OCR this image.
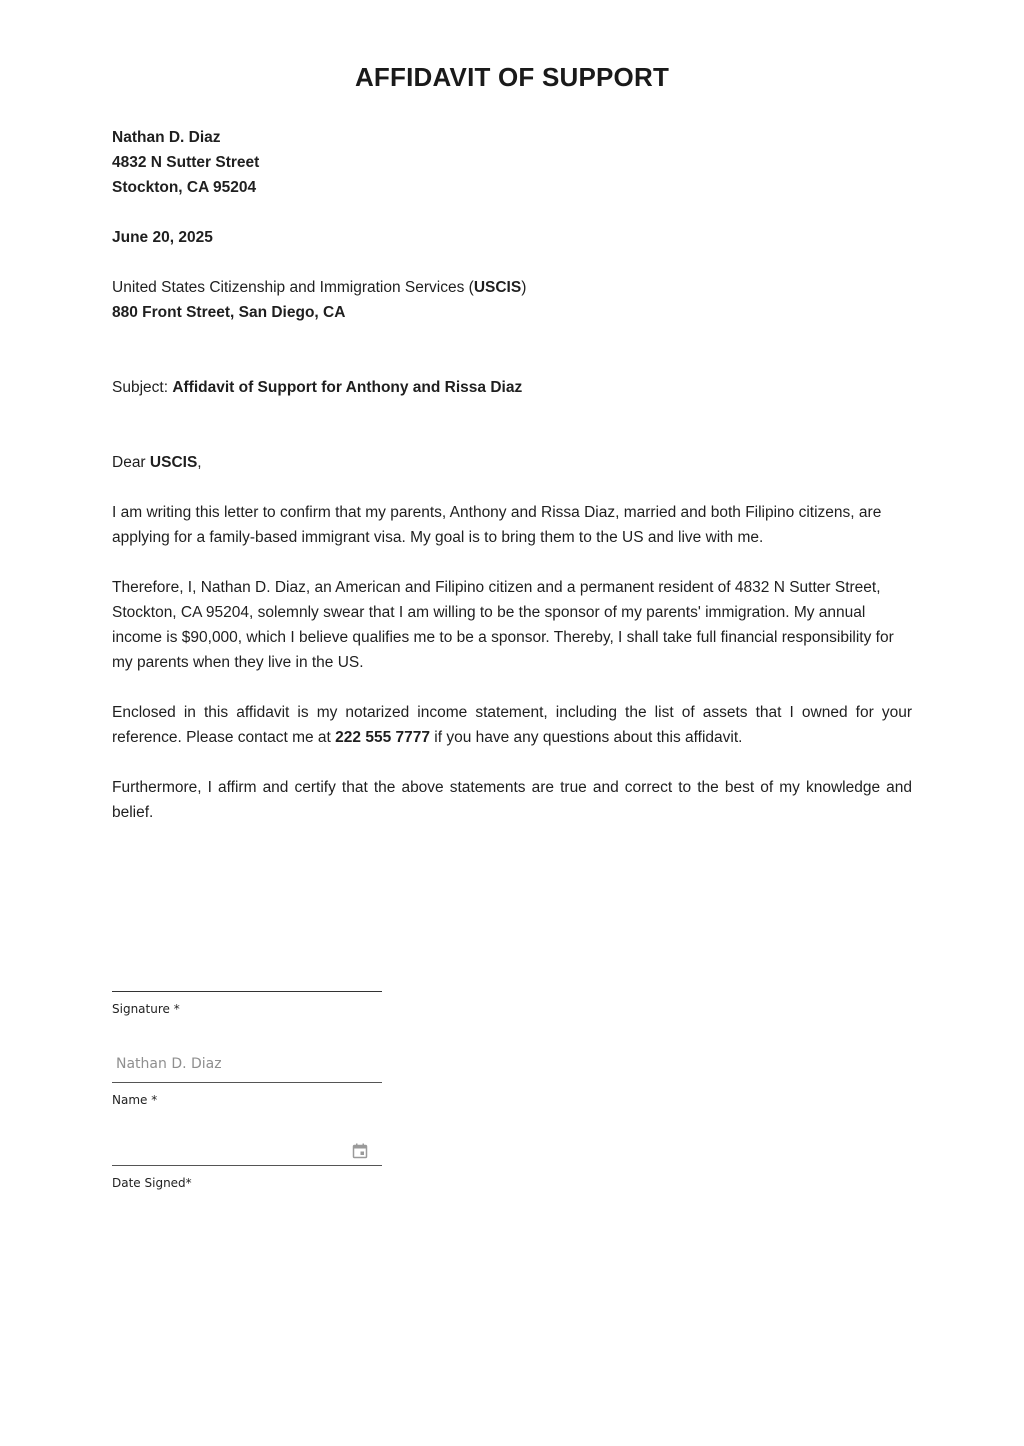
AFFIDAVIT OF SUPPORT
Nathan D. Diaz
4832 N Sutter Street
Stockton, CA 95204
June 20, 2025
United States Citizenship and Immigration Services (USCIS)
880 Front Street, San Diego, CA
Subject: Affidavit of Support for Anthony and Rissa Diaz
Dear USCIS,

I am writing this letter to confirm that my parents, Anthony and Rissa Diaz, married and both Filipino citizens, are applying for a family-based immigrant visa. My goal is to bring them to the US and live with me.

Therefore, I, Nathan D. Diaz, an American and Filipino citizen and a permanent resident of 4832 N Sutter Street, Stockton, CA 95204, solemnly swear that I am willing to be the sponsor of my parents' immigration. My annual income is $90,000, which I believe qualifies me to be a sponsor. Thereby, I shall take full financial responsibility for my parents when they live in the US.

Enclosed in this affidavit is my notarized income statement, including the list of assets that I owned for your reference. Please contact me at 222 555 7777 if you have any questions about this affidavit.

Furthermore, I affirm and certify that the above statements are true and correct to the best of my knowledge and belief.

Signature *
Nathan D. Diaz
Name *
Date Signed*
